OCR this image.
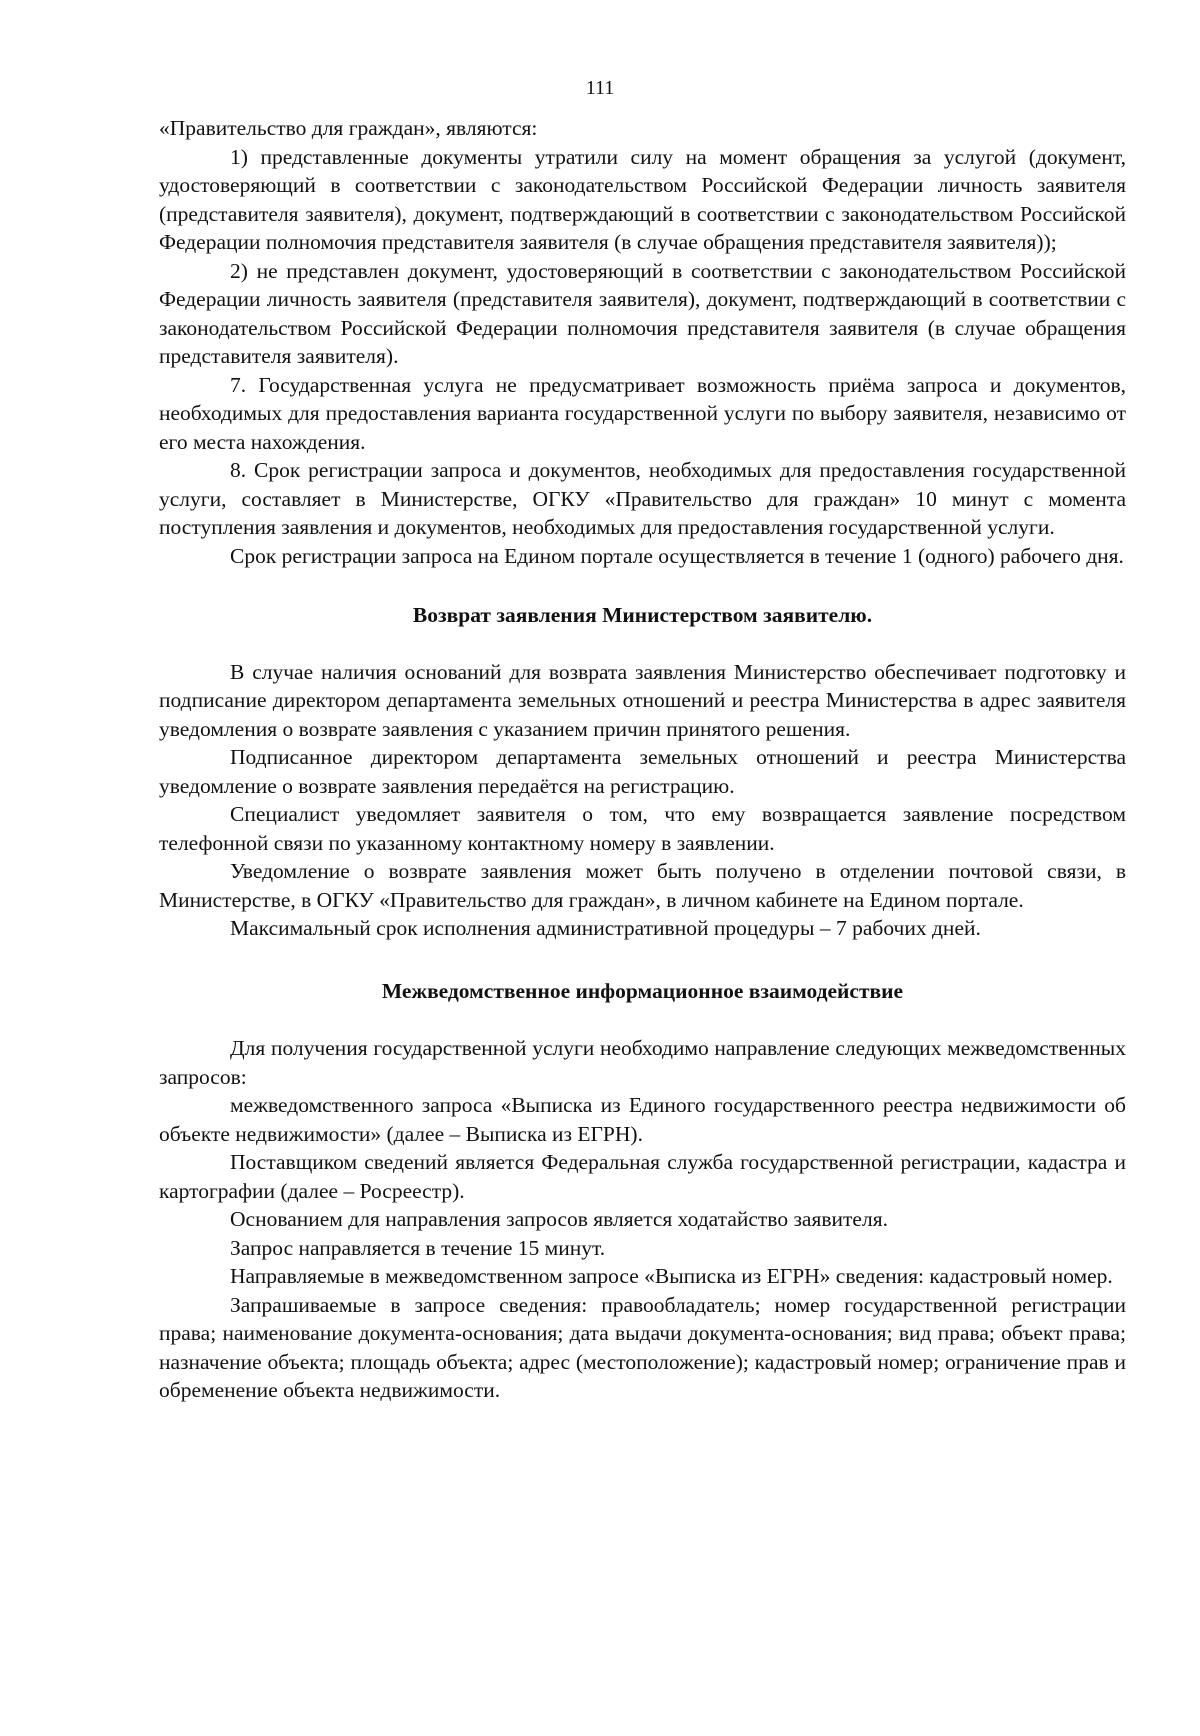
111

«Правительство для граждан», являются:

1) представленные документы утратили силу на момент обращения за услугой (документ, удостоверяющий в соответствии с законодательством Российской Федерации личность заявителя (представителя заявителя), документ, подтверждающий в соответствии с законодательством Российской Федерации полномочия представителя заявителя (в случае обращения представителя заявителя));

2) не представлен документ, удостоверяющий в соответствии с законодательством Российской Федерации личность заявителя (представителя заявителя), документ, подтверждающий в соответствии с законодательством Российской Федерации полномочия представителя заявителя (в случае обращения представителя заявителя).

7. Государственная услуга не предусматривает возможность приёма запроса и документов, необходимых для предоставления варианта государственной услуги по выбору заявителя, независимо от его места нахождения.

8. Срок регистрации запроса и документов, необходимых для предоставления государственной услуги, составляет в Министерстве, ОГКУ «Правительство для граждан» 10 минут с момента поступления заявления и документов, необходимых для предоставления государственной услуги.

Срок регистрации запроса на Едином портале осуществляется в течение 1 (одного) рабочего дня.

Возврат заявления Министерством заявителю.

В случае наличия оснований для возврата заявления Министерство обеспечивает подготовку и подписание директором департамента земельных отношений и реестра Министерства в адрес заявителя уведомления о возврате заявления с указанием причин принятого решения.

Подписанное директором департамента земельных отношений и реестра Министерства уведомление о возврате заявления передаётся на регистрацию.

Специалист уведомляет заявителя о том, что ему возвращается заявление посредством телефонной связи по указанному контактному номеру в заявлении.

Уведомление о возврате заявления может быть получено в отделении почтовой связи, в Министерстве, в ОГКУ «Правительство для граждан», в личном кабинете на Едином портале.

Максимальный срок исполнения административной процедуры – 7 рабочих дней.

Межведомственное информационное взаимодействие

Для получения государственной услуги необходимо направление следующих межведомственных запросов:

межведомственного запроса «Выписка из Единого государственного реестра недвижимости об объекте недвижимости» (далее – Выписка из ЕГРН).

Поставщиком сведений является Федеральная служба государственной регистрации, кадастра и картографии (далее – Росреестр).

Основанием для направления запросов является ходатайство заявителя.

Запрос направляется в течение 15 минут.

Направляемые в межведомственном запросе «Выписка из ЕГРН» сведения: кадастровый номер.

Запрашиваемые в запросе сведения: правообладатель; номер государственной регистрации права; наименование документа-основания; дата выдачи документа-основания; вид права; объект права; назначение объекта; площадь объекта; адрес (местоположение); кадастровый номер; ограничение прав и обременение объекта недвижимости.
